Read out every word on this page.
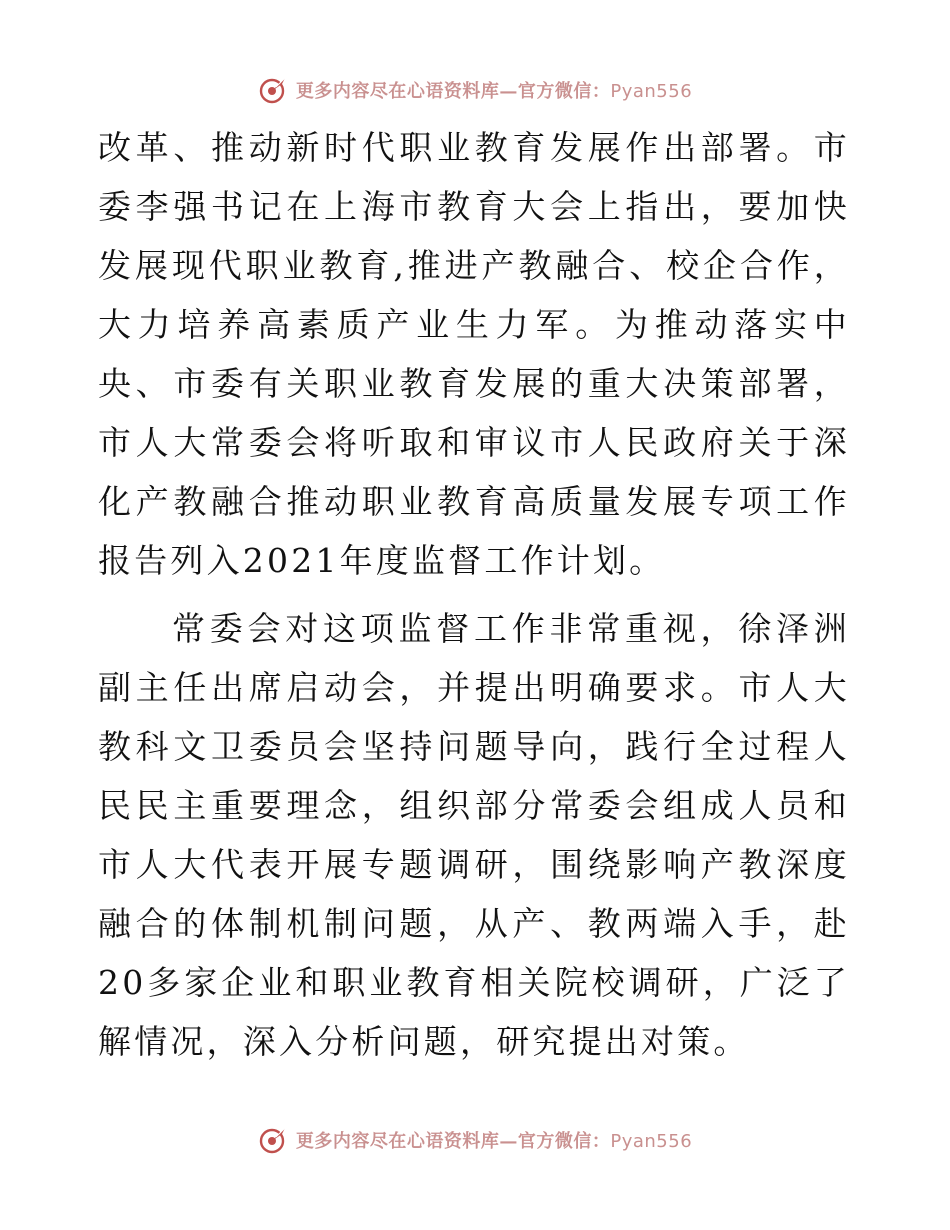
更多内容尽在心语资料库—官方微信：Pyan556

改革、推动新时代职业教育发展作出部署。市委李强书记在上海市教育大会上指出，要加快发展现代职业教育,推进产教融合、校企合作，大力培养高素质产业生力军。为推动落实中央、市委有关职业教育发展的重大决策部署，市人大常委会将听取和审议市人民政府关于深化产教融合推动职业教育高质量发展专项工作报告列入2021年度监督工作计划。

常委会对这项监督工作非常重视，徐泽洲副主任出席启动会，并提出明确要求。市人大教科文卫委员会坚持问题导向，践行全过程人民民主重要理念，组织部分常委会组成人员和市人大代表开展专题调研，围绕影响产教深度融合的体制机制问题，从产、教两端入手，赴20多家企业和职业教育相关院校调研，广泛了解情况，深入分析问题，研究提出对策。

更多内容尽在心语资料库—官方微信：Pyan556
